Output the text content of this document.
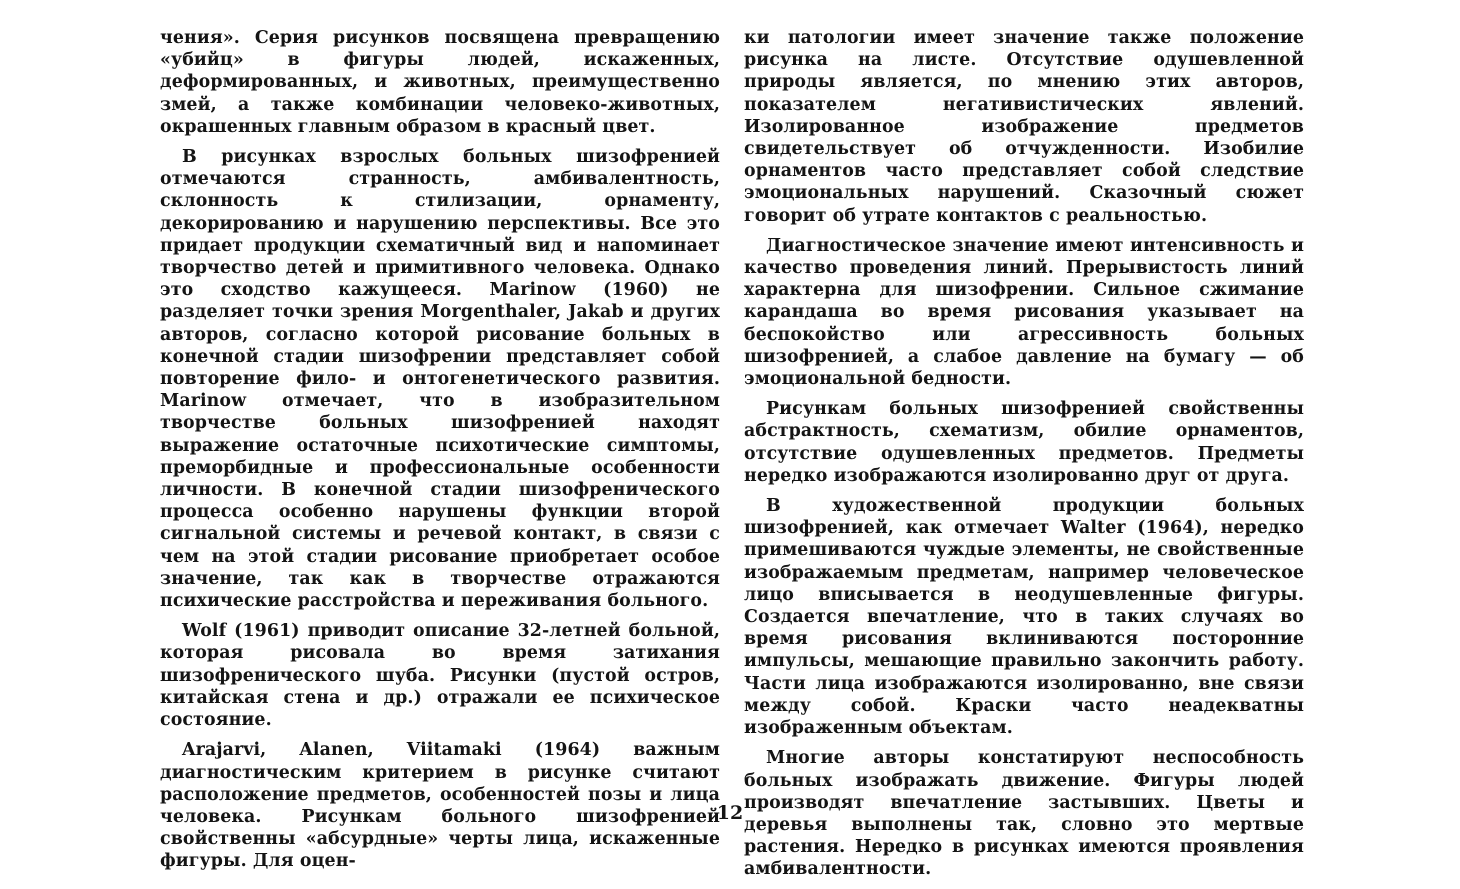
чения». Серия рисунков посвящена превращению «убийц» в фигуры людей, искаженных, деформированных, и животных, преимущественно змей, а также комбинации человеко-животных, окрашенных главным образом в красный цвет.

В рисунках взрослых больных шизофренией отмечаются странность, амбивалентность, склонность к стилизации, орнаменту, декорированию и нарушению перспективы. Все это придает продукции схематичный вид и напоминает творчество детей и примитивного человека. Однако это сходство кажущееся. Marinow (1960) не разделяет точки зрения Morgenthaler, Jakab и других авторов, согласно которой рисование больных в конечной стадии шизофрении представляет собой повторение фило- и онтогенетического развития. Marinow отмечает, что в изобразительном творчестве больных шизофренией находят выражение остаточные психотические симптомы, преморбидные и профессиональные особенности личности. В конечной стадии шизофренического процесса особенно нарушены функции второй сигнальной системы и речевой контакт, в связи с чем на этой стадии рисование приобретает особое значение, так как в творчестве отражаются психические расстройства и переживания больного.

Wolf (1961) приводит описание 32-летней больной, которая рисовала во время затихания шизофренического шуба. Рисунки (пустой остров, китайская стена и др.) отражали ее психическое состояние.

Arajarvi, Alanen, Viitamaki (1964) важным диагностическим критерием в рисунке считают расположение предметов, особенностей позы и лица человека. Рисункам больного шизофренией свойственны «абсурдные» черты лица, искаженные фигуры. Для оцен-

ки патологии имеет значение также положение рисунка на листе. Отсутствие одушевленной природы является, по мнению этих авторов, показателем негативистических явлений. Изолированное изображение предметов свидетельствует об отчужденности. Изобилие орнаментов часто представляет собой следствие эмоциональных нарушений. Сказочный сюжет говорит об утрате контактов с реальностью.

Диагностическое значение имеют интенсивность и качество проведения линий. Прерывистость линий характерна для шизофрении. Сильное сжимание карандаша во время рисования указывает на беспокойство или агрессивность больных шизофренией, а слабое давление на бумагу — об эмоциональной бедности.

Рисункам больных шизофренией свойственны абстрактность, схематизм, обилие орнаментов, отсутствие одушевленных предметов. Предметы нередко изображаются изолированно друг от друга.

В художественной продукции больных шизофренией, как отмечает Walter (1964), нередко примешиваются чуждые элементы, не свойственные изображаемым предметам, например человеческое лицо вписывается в неодушевленные фигуры. Создается впечатление, что в таких случаях во время рисования вклиниваются посторонние импульсы, мешающие правильно закончить работу. Части лица изображаются изолированно, вне связи между собой. Краски часто неадекватны изображенным объектам.

Многие авторы констатируют неспособность больных изображать движение. Фигуры людей производят впечатление застывших. Цветы и деревья выполнены так, словно это мертвые растения. Нередко в рисунках имеются проявления амбивалентности.

12
